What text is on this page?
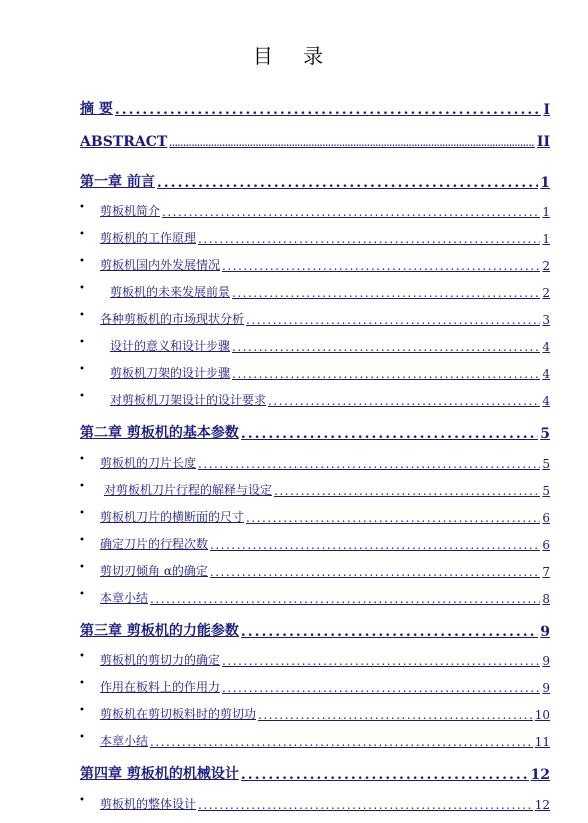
目 录
摘 要 .....	I
ABSTRACT .....	II
第一章 前言 .....	1
• 剪板机简介 .....	1
• 剪板机的工作原理 .....	1
• 剪板机国内外发展情况 .....	2
• 剪板机的未来发展前景 .....	2
• 各种剪板机的市场现状分析 .....	3
• 设计的意义和设计步骤 .....	4
• 剪板机刀架的设计步骤 .....	4
• 对剪板机刀架设计的设计要求 .....	4
第二章 剪板机的基本参数 .....	5
• 剪板机的刀片长度 .....	5
• 对剪板机刀片行程的解释与设定 .....	5
• 剪板机刀片的横断面的尺寸 .....	6
• 确定刀片的行程次数 .....	6
• 剪切刃倾角 α的确定 .....	7
• 本章小结 .....	8
第三章 剪板机的力能参数 .....	9
• 剪板机的剪切力的确定 .....	9
• 作用在板料上的作用力 .....	9
• 剪板机在剪切板料时的剪切功 .....	10
• 本章小结 .....	11
第四章 剪板机的机械设计 .....	12
• 剪板机的整体设计 .....	12
